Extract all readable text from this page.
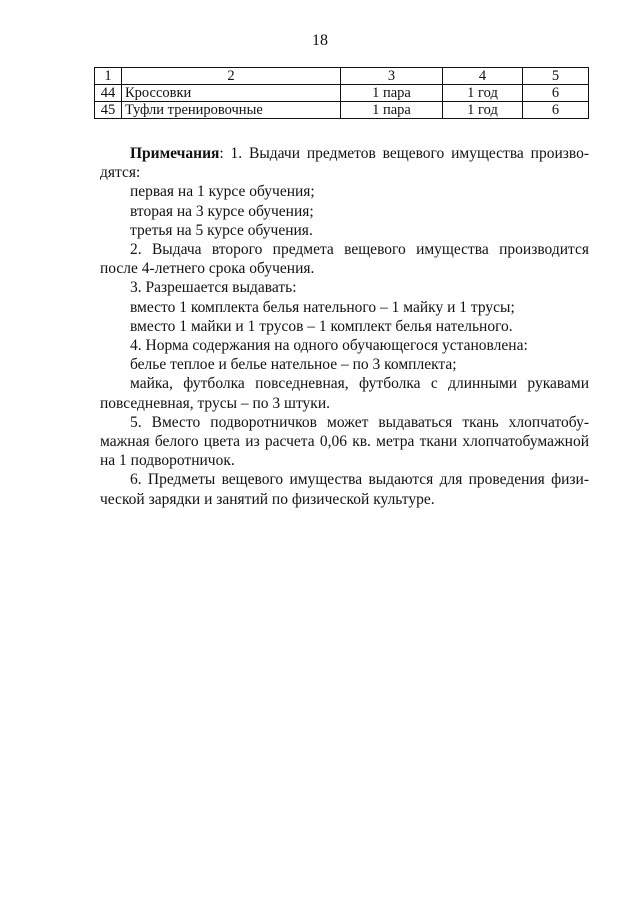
18
1	2	3	4	5
44	Кроссовки	1 пара	1 год	6
45	Туфли тренировочные	1 пара	1 год	6

Примечания: 1. Выдачи предметов вещевого имущества произво-

дятся:

первая на 1 курсе обучения;

вторая на 3 курсе обучения;

третья на 5 курсе обучения.

2. Выдача второго предмета вещевого имущества производится

после 4-летнего срока обучения.

3. Разрешается выдавать:

вместо 1 комплекта белья нательного – 1 майку и 1 трусы;

вместо 1 майки и 1 трусов – 1 комплект белья нательного.

4. Норма содержания на одного обучающегося установлена:

белье теплое и белье нательное – по 3 комплекта;

майка, футболка повседневная, футболка с длинными рукавами

повседневная, трусы – по 3 штуки.

5. Вместо подворотничков может выдаваться ткань хлопчатобу-

мажная белого цвета из расчета 0,06 кв. метра ткани хлопчатобумажной

на 1 подворотничок.

6. Предметы вещевого имущества выдаются для проведения физи-

ческой зарядки и занятий по физической культуре.
